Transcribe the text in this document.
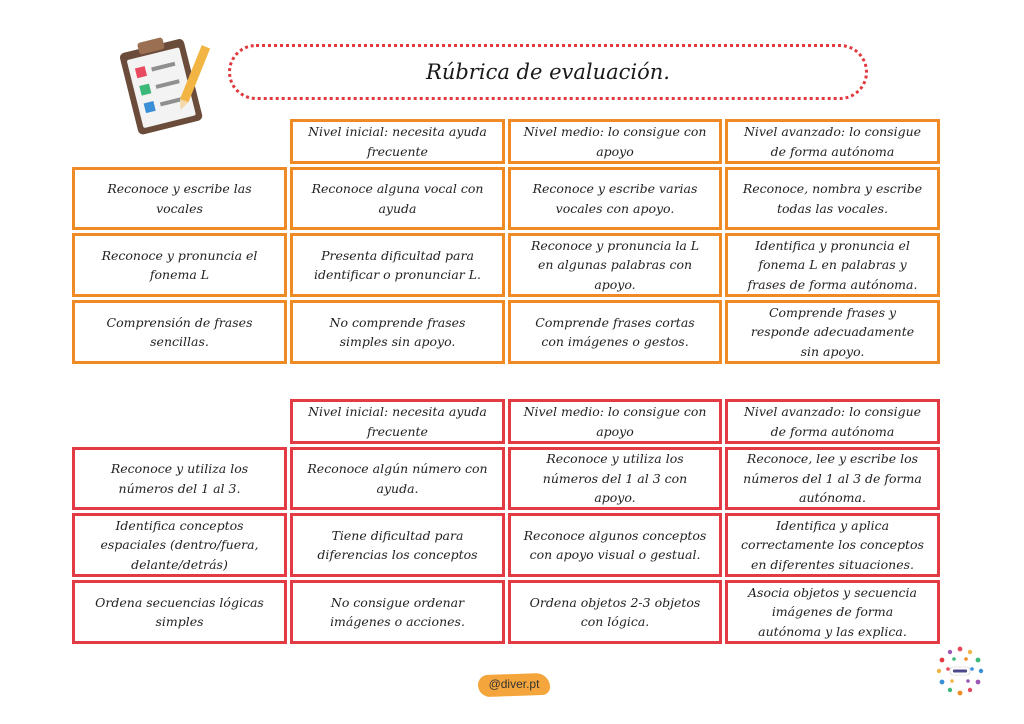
Rúbrica de evaluación.
Nivel inicial: necesita ayuda frecuente
Nivel medio: lo consigue con apoyo
Nivel avanzado: lo consigue de forma autónoma
Reconoce y escribe las vocales
Reconoce alguna vocal con ayuda
Reconoce y escribe varias vocales con apoyo.
Reconoce, nombra y escribe todas las vocales.
Reconoce y pronuncia el fonema L
Presenta dificultad para identificar o pronunciar L.
Reconoce y pronuncia la L en algunas palabras con apoyo.
Identifica y pronuncia el fonema L en palabras y frases de forma autónoma.
Comprensión de frases sencillas.
No comprende frases simples sin apoyo.
Comprende frases cortas con imágenes o gestos.
Comprende frases y responde adecuadamente sin apoyo.
Nivel inicial: necesita ayuda frecuente
Nivel medio: lo consigue con apoyo
Nivel avanzado: lo consigue de forma autónoma
Reconoce y utiliza los números del 1 al 3.
Reconoce algún número con ayuda.
Reconoce y utiliza los números del 1 al 3 con apoyo.
Reconoce, lee y escribe los números del 1 al 3 de forma autónoma.
Identifica conceptos espaciales (dentro/fuera, delante/detrás)
Tiene dificultad para diferencias los conceptos
Reconoce algunos conceptos con apoyo visual o gestual.
Identifica y aplica correctamente los conceptos en diferentes situaciones.
Ordena secuencias lógicas simples
No consigue ordenar imágenes o acciones.
Ordena objetos 2-3 objetos con lógica.
Asocia objetos y secuencia imágenes de forma autónoma y las explica.
@diver.pt
